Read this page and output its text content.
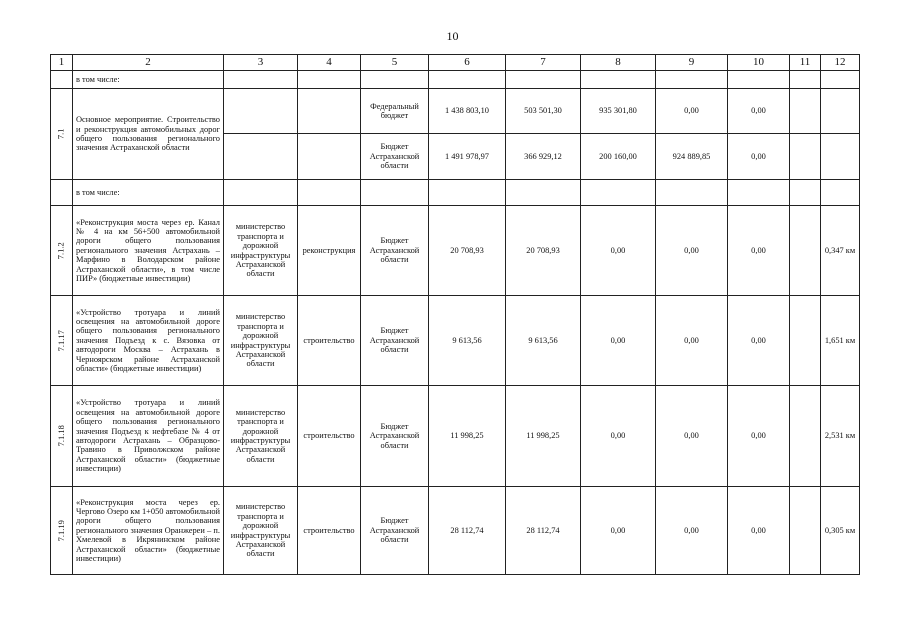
10
1	2	3	4	5	6	7	8	9	10	11	12
	в том числе:										
7.1	Основное мероприятие. Строительство и реконструкция автомобильных дорог общего пользования регионального значения Астраханской области			Федеральный бюджет	1 438 803,10	503 501,30	935 301,80	0,00	0,00		
				Бюджет Астраханской области	1 491 978,97	366 929,12	200 160,00	924 889,85	0,00		
	в том числе:										
7.1.2	«Реконструкция моста через ер. Канал № 4 на км 56+500 автомобильной дороги общего пользования регионального значения Астрахань – Марфино в Володарском районе Астраханской области», в том числе ПИР» (бюджетные инвестиции)	министерство транспорта и дорожной инфраструктуры Астраханской области	реконструкция	Бюджет Астраханской области	20 708,93	20 708,93	0,00	0,00	0,00		0,347 км
7.1.17	«Устройство тротуара и линий освещения на автомобильной дороге общего пользования регионального значения Подъезд к с. Вязовка от автодороги Москва – Астрахань в Черноярском районе Астраханской области» (бюджетные инвестиции)	министерство транспорта и дорожной инфраструктуры Астраханской области	строительство	Бюджет Астраханской области	9 613,56	9 613,56	0,00	0,00	0,00		1,651 км
7.1.18	«Устройство тротуара и линий освещения на автомобильной дороге общего пользования регионального значения Подъезд к нефтебазе № 4 от автодороги Астрахань – Образцово-Травино в Приволжском районе Астраханской области» (бюджетные инвестиции)	министерство транспорта и дорожной инфраструктуры Астраханской области	строительство	Бюджет Астраханской области	11 998,25	11 998,25	0,00	0,00	0,00		2,531 км
7.1.19	«Реконструкция моста через ер. Чергово Озеро км 1+050 автомобильной дороги общего пользования регионального значения Оранжереи – п. Хмелевой в Икрянинском районе Астраханской области» (бюджетные инвестиции)	министерство транспорта и дорожной инфраструктуры Астраханской области	строительство	Бюджет Астраханской области	28 112,74	28 112,74	0,00	0,00	0,00		0,305 км
